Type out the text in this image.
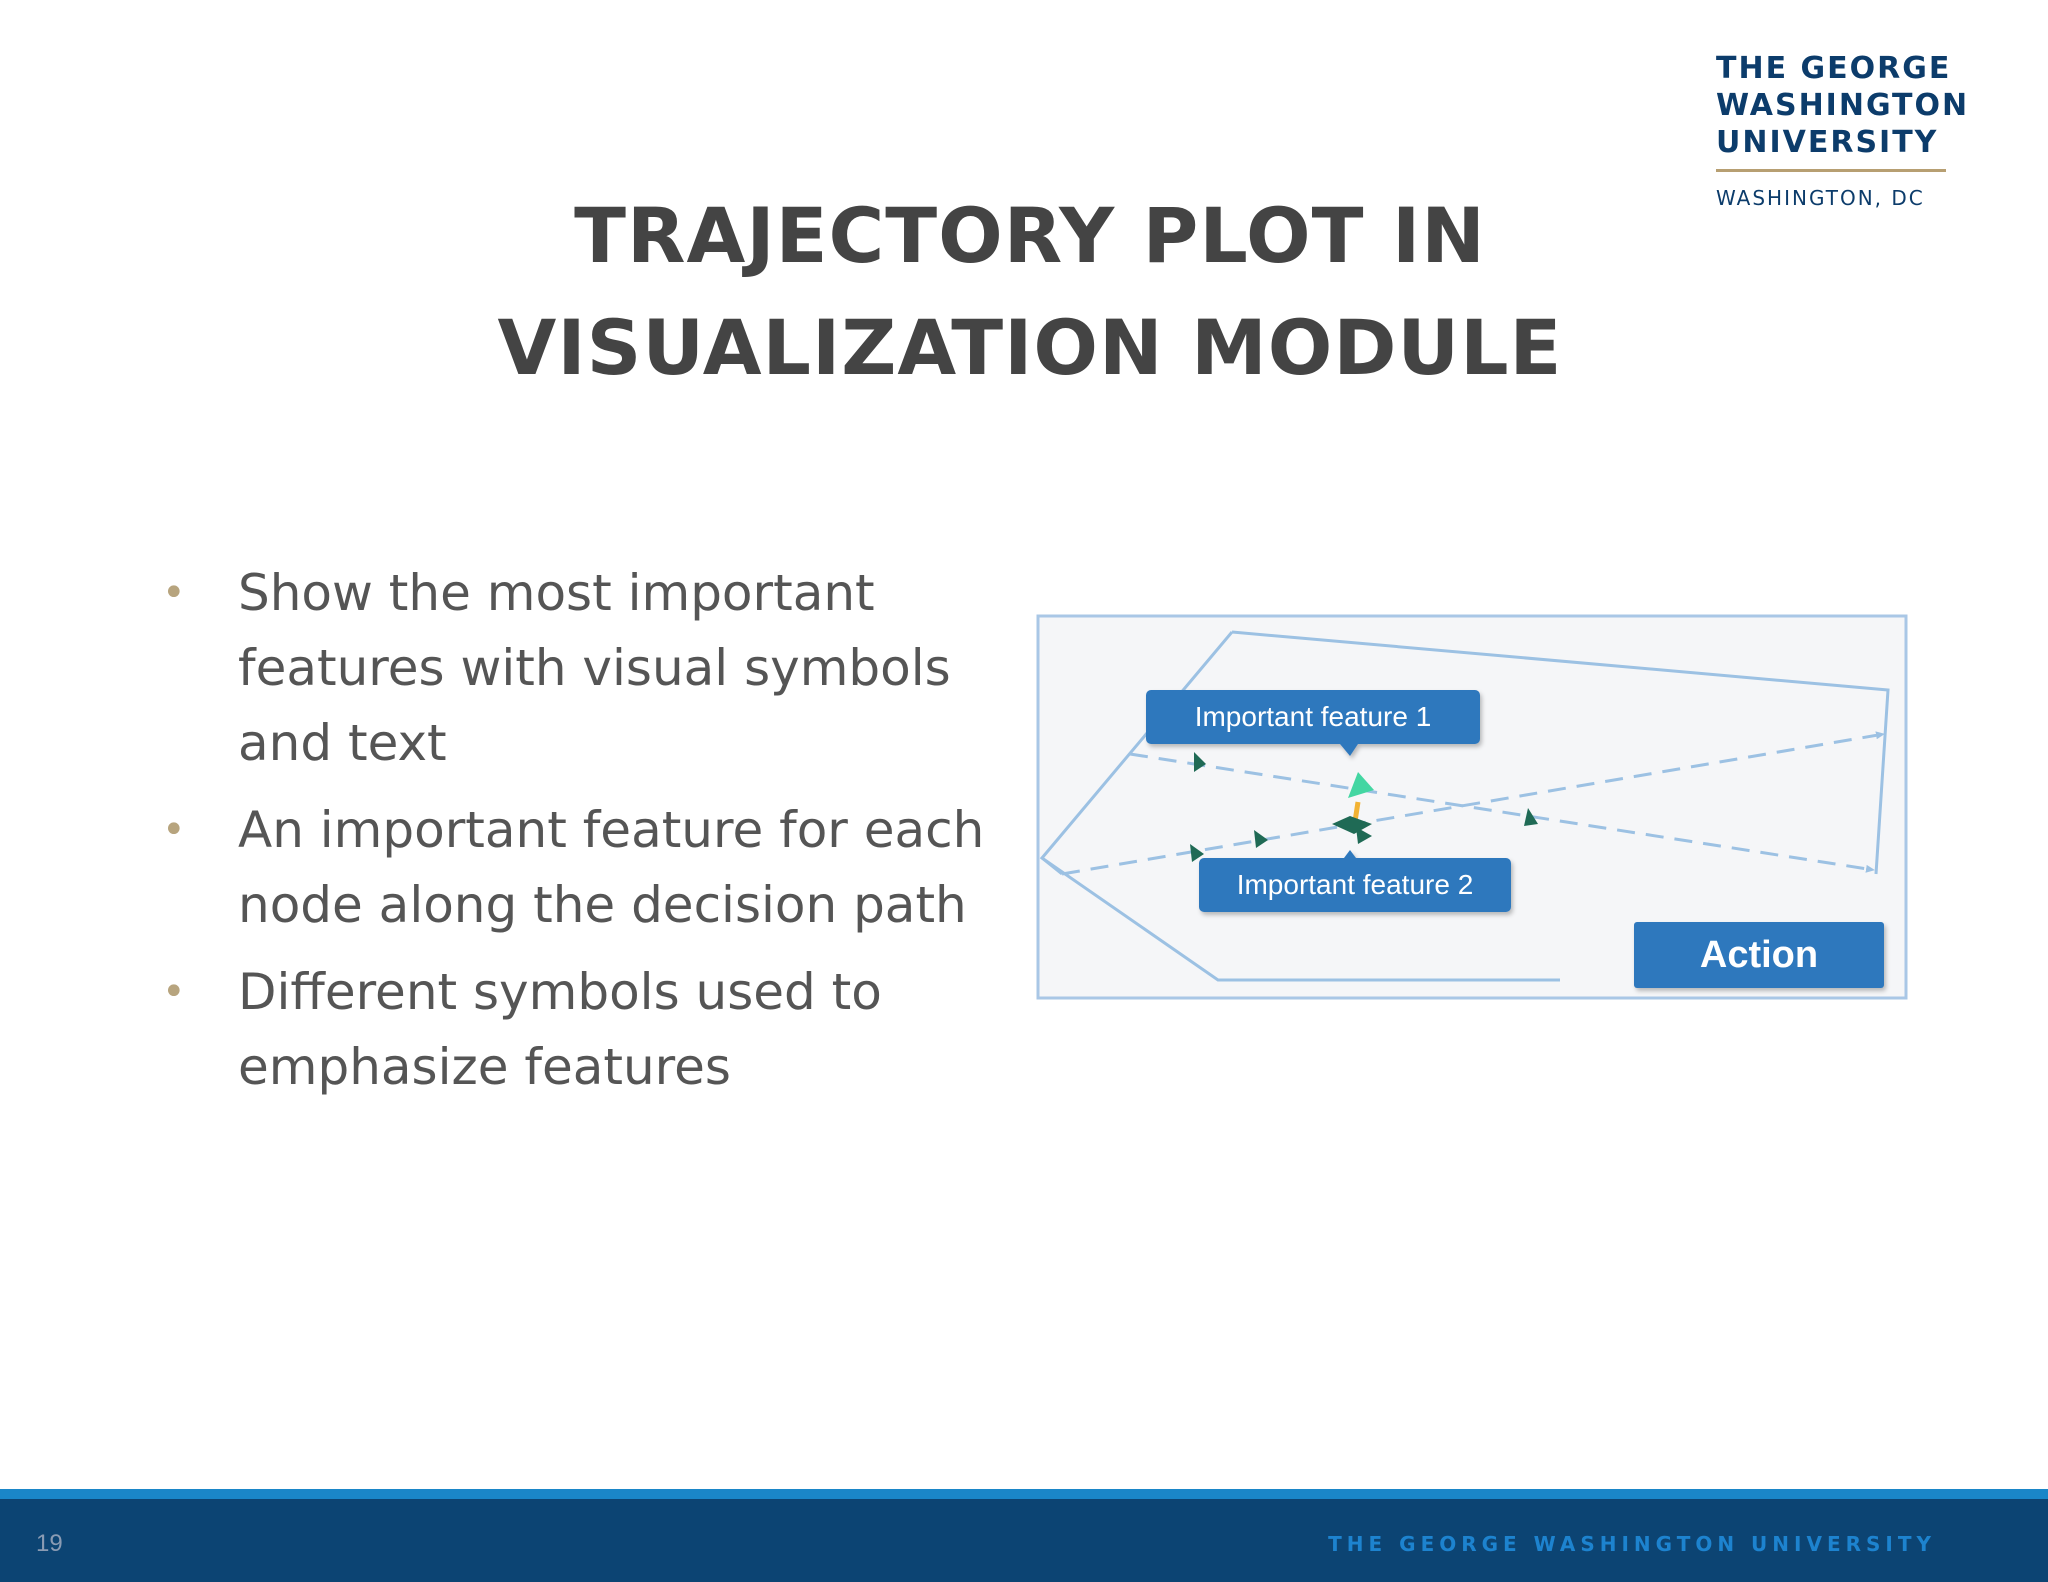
THE GEORGE
WASHINGTON
UNIVERSITY
WASHINGTON, DC
TRAJECTORY PLOT IN
VISUALIZATION MODULE
• Show the most important features with visual symbols and text
• An important feature for each node along the decision path
• Different symbols used to emphasize features
Important feature 1
Important feature 2
Action
19	THE GEORGE WASHINGTON UNIVERSITY
